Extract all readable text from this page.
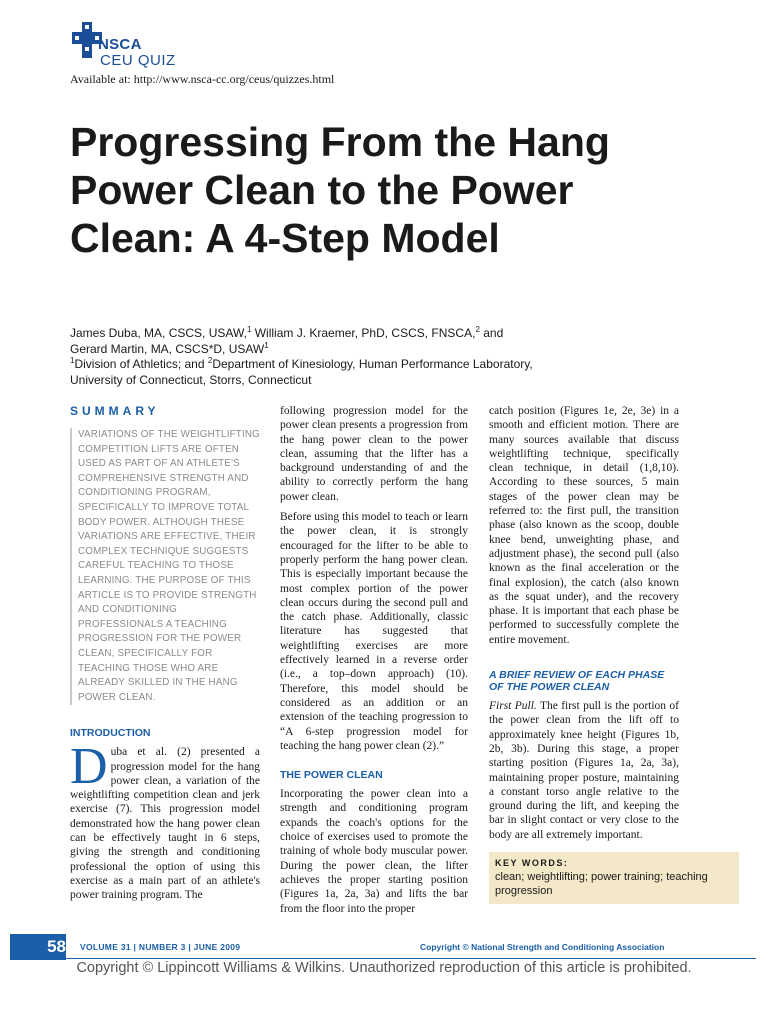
NSCA
CEU QUIZ
Available at: http://www.nsca-cc.org/ceus/quizzes.html
Progressing From the Hang Power Clean to the Power Clean: A 4-Step Model
James Duba, MA, CSCS, USAW,$^1$ William J. Kraemer, PhD, CSCS, FNSCA,$^2$ and
Gerard Martin, MA, CSCS*D, USAW$^1$
$^1$Division of Athletics; and $^2$Department of Kinesiology, Human Performance Laboratory,
University of Connecticut, Storrs, Connecticut
SUMMARY

VARIATIONS OF THE WEIGHTLIFTING COMPETITION LIFTS ARE OFTEN USED AS PART OF AN ATHLETE'S COMPREHENSIVE STRENGTH AND CONDITIONING PROGRAM, SPECIFICALLY TO IMPROVE TOTAL BODY POWER. ALTHOUGH THESE VARIATIONS ARE EFFECTIVE, THEIR COMPLEX TECHNIQUE SUGGESTS CAREFUL TEACHING TO THOSE LEARNING. THE PURPOSE OF THIS ARTICLE IS TO PROVIDE STRENGTH AND CONDITIONING PROFESSIONALS A TEACHING PROGRESSION FOR THE POWER CLEAN, SPECIFICALLY FOR TEACHING THOSE WHO ARE ALREADY SKILLED IN THE HANG POWER CLEAN.

INTRODUCTION

Duba et al. (2) presented a progression model for the hang power clean, a variation of the weightlifting competition clean and jerk exercise (7). This progression model demonstrated how the hang power clean can be effectively taught in 6 steps, giving the strength and conditioning professional the option of using this exercise as a main part of an athlete's power training program. The

following progression model for the power clean presents a progression from the hang power clean to the power clean, assuming that the lifter has a background understanding of and the ability to correctly perform the hang power clean.

Before using this model to teach or learn the power clean, it is strongly encouraged for the lifter to be able to properly perform the hang power clean. This is especially important because the most complex portion of the power clean occurs during the second pull and the catch phase. Additionally, classic literature has suggested that weightlifting exercises are more effectively learned in a reverse order (i.e., a top–down approach) (10). Therefore, this model should be considered as an addition or an extension of the teaching progression to “A 6-step progression model for teaching the hang power clean (2).”

THE POWER CLEAN

Incorporating the power clean into a strength and conditioning program expands the coach's options for the choice of exercises used to promote the training of whole body muscular power. During the power clean, the lifter achieves the proper starting position (Figures 1a, 2a, 3a) and lifts the bar from the floor into the proper

catch position (Figures 1e, 2e, 3e) in a smooth and efficient motion. There are many sources available that discuss weightlifting technique, specifically clean technique, in detail (1,8,10). According to these sources, 5 main stages of the power clean may be referred to: the first pull, the transition phase (also known as the scoop, double knee bend, unweighting phase, and adjustment phase), the second pull (also known as the final acceleration or the final explosion), the catch (also known as the squat under), and the recovery phase. It is important that each phase be performed to successfully complete the entire movement.

A BRIEF REVIEW OF EACH PHASE OF THE POWER CLEAN

First Pull. The first pull is the portion of the power clean from the lift off to approximately knee height (Figures 1b, 2b, 3b). During this stage, a proper starting position (Figures 1a, 2a, 3a), maintaining proper posture, maintaining a constant torso angle relative to the ground during the lift, and keeping the bar in slight contact or very close to the body are all extremely important.

KEY WORDS:

clean; weightlifting; power training; teaching progression

58 VOLUME 31 | NUMBER 3 | JUNE 2009	Copyright © National Strength and Conditioning Association
Copyright © Lippincott Williams & Wilkins. Unauthorized reproduction of this article is prohibited.
